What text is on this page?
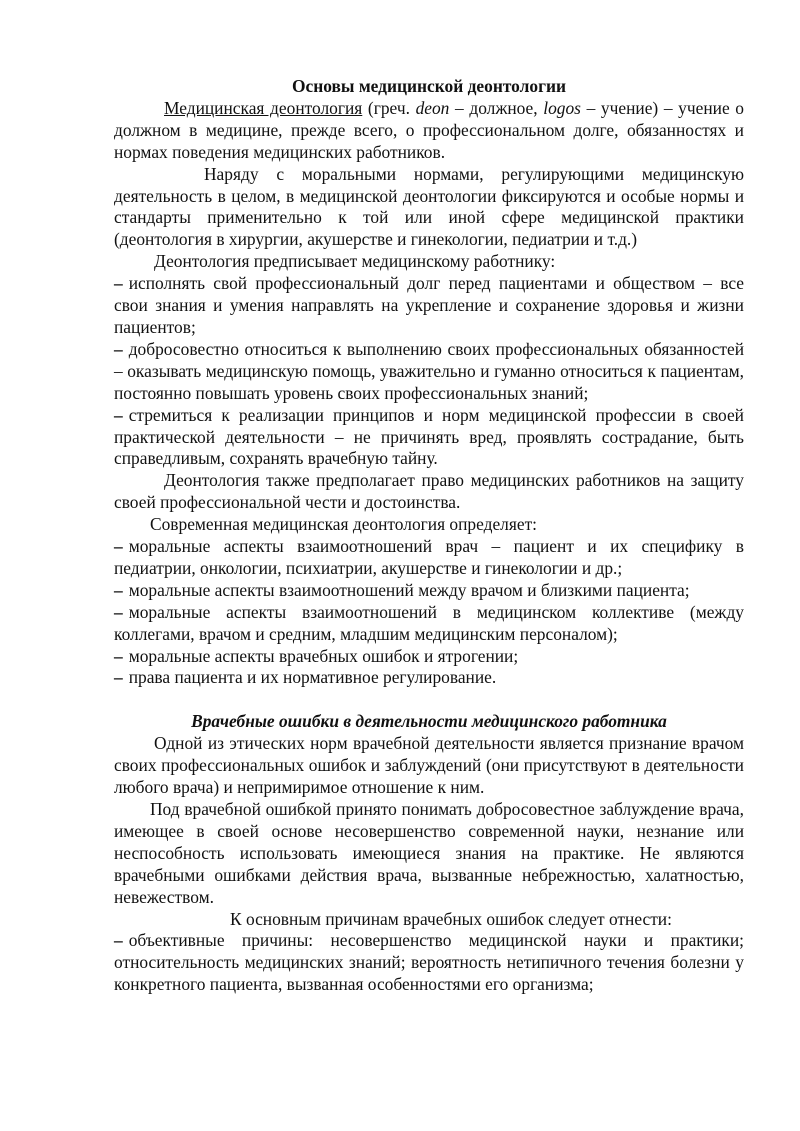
Основы медицинской деонтологии

Медицинская деонтология (греч. deon – должное, logos – учение) – учение о должном в медицине, прежде всего, о профессиональном долге, обязанностях и нормах поведения медицинских работников.

Наряду с моральными нормами, регулирующими медицинскую деятельность в целом, в медицинской деонтологии фиксируются и особые нормы и стандарты применительно к той или иной сфере медицинской практики (деонтология в хирургии, акушерстве и гинекологии, педиатрии и т.д.)

Деонтология предписывает медицинскому работнику:

– исполнять свой профессиональный долг перед пациентами и обществом – все свои знания и умения направлять на укрепление и сохранение здоровья и жизни пациентов;
– добросовестно относиться к выполнению своих профессиональных обязанностей – оказывать медицинскую помощь, уважительно и гуманно относиться к пациентам, постоянно повышать уровень своих профессиональных знаний;
– стремиться к реализации принципов и норм медицинской профессии в своей практической деятельности – не причинять вред, проявлять сострадание, быть справедливым, сохранять врачебную тайну.

Деонтология также предполагает право медицинских работников на защиту своей профессиональной чести и достоинства.

Современная медицинская деонтология определяет:

– моральные аспекты взаимоотношений врач – пациент и их специфику в педиатрии, онкологии, психиатрии, акушерстве и гинекологии и др.;
– моральные аспекты взаимоотношений между врачом и близкими пациента;
– моральные аспекты взаимоотношений в медицинском коллективе (между коллегами, врачом и средним, младшим медицинским персоналом);
– моральные аспекты врачебных ошибок и ятрогении;
– права пациента и их нормативное регулирование.
Врачебные ошибки в деятельности медицинского работника

Одной из этических норм врачебной деятельности является признание врачом своих профессиональных ошибок и заблуждений (они присутствуют в деятельности любого врача) и непримиримое отношение к ним.

Под врачебной ошибкой принято понимать добросовестное заблуждение врача, имеющее в своей основе несовершенство современной науки, незнание или неспособность использовать имеющиеся знания на практике. Не являются врачебными ошибками действия врача, вызванные небрежностью, халатностью, невежеством.

К основным причинам врачебных ошибок следует отнести:

– объективные причины: несовершенство медицинской науки и практики; относительность медицинских знаний; вероятность нетипичного течения болезни у конкретного пациента, вызванная особенностями его организма;
